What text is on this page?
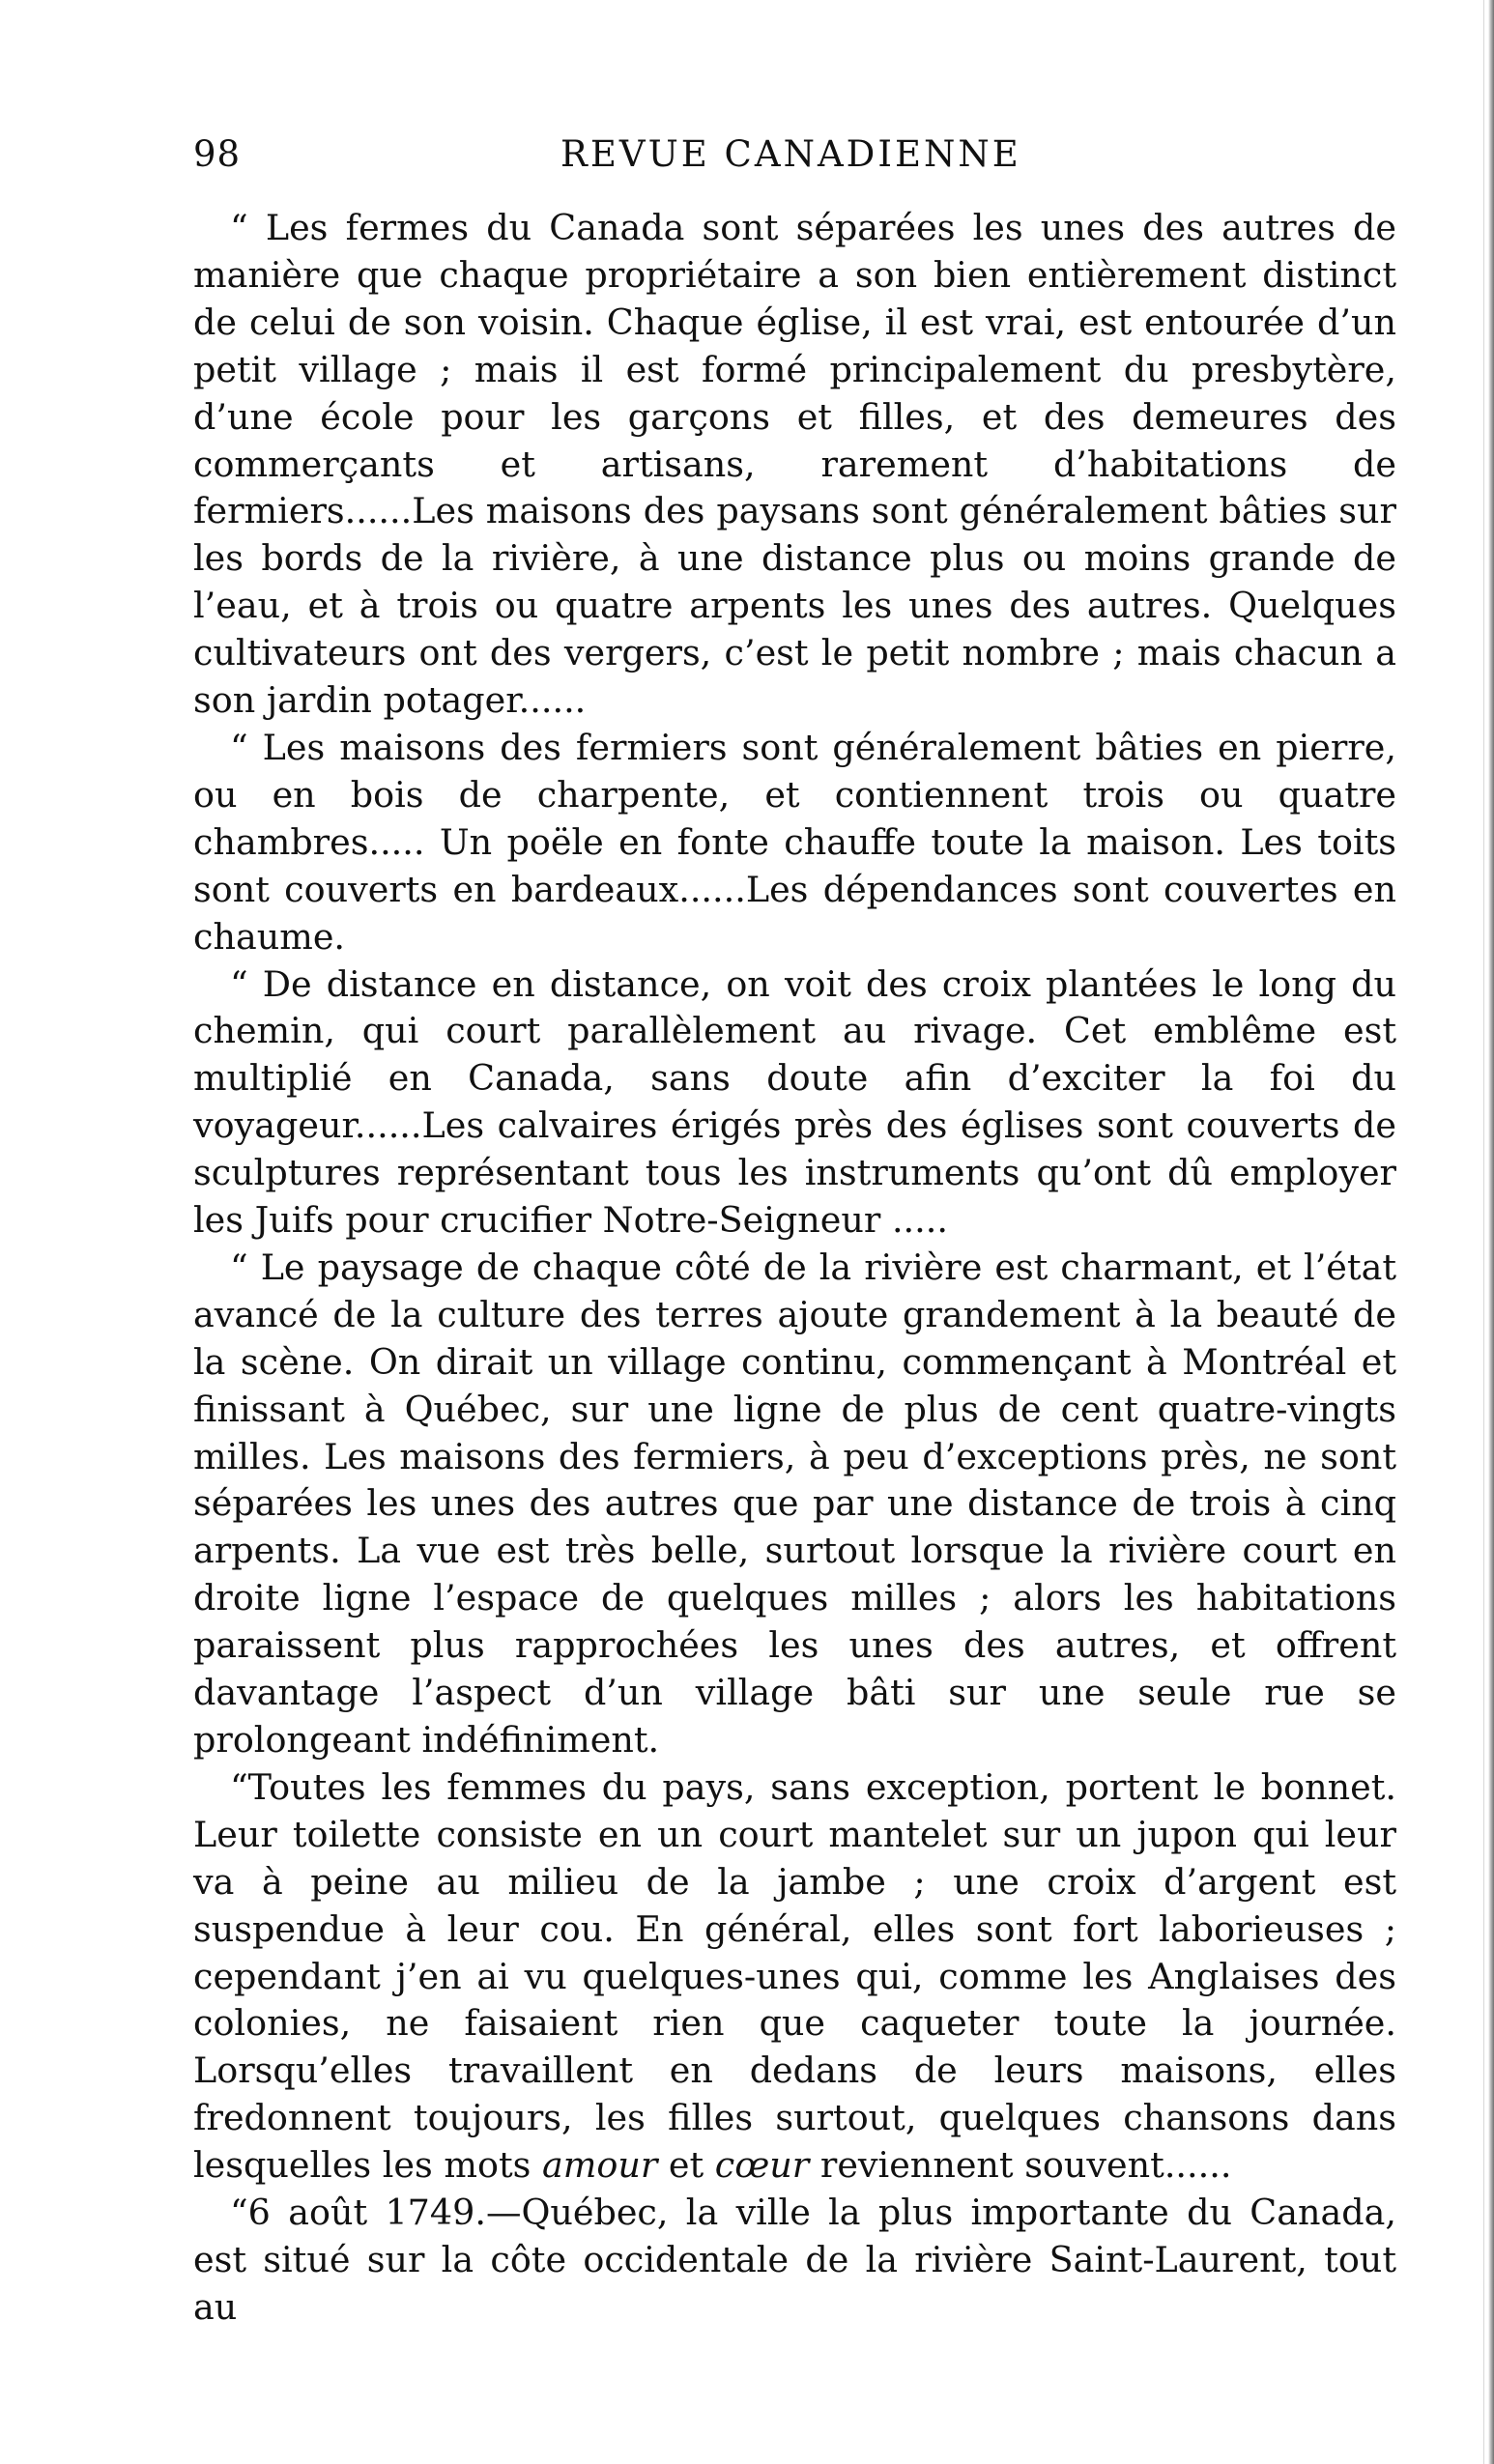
98	REVUE CANADIENNE

“ Les fermes du Canada sont séparées les unes des autres de manière que chaque propriétaire a son bien entièrement distinct de celui de son voisin. Chaque église, il est vrai, est entourée d’un petit village ; mais il est formé principalement du presbytère, d’une école pour les garçons et filles, et des demeures des commerçants et artisans, rarement d’habitations de fermiers......Les maisons des paysans sont généralement bâties sur les bords de la rivière, à une distance plus ou moins grande de l’eau, et à trois ou quatre arpents les unes des autres. Quelques cultivateurs ont des vergers, c’est le petit nombre ; mais chacun a son jardin potager......

“ Les maisons des fermiers sont généralement bâties en pierre, ou en bois de charpente, et contiennent trois ou quatre chambres..... Un poële en fonte chauffe toute la maison. Les toits sont couverts en bardeaux......Les dépendances sont couvertes en chaume.

“ De distance en distance, on voit des croix plantées le long du chemin, qui court parallèlement au rivage. Cet emblême est multiplié en Canada, sans doute afin d’exciter la foi du voyageur......Les calvaires érigés près des églises sont couverts de sculptures représentant tous les instruments qu’ont dû employer les Juifs pour crucifier Notre-Seigneur .....

“ Le paysage de chaque côté de la rivière est charmant, et l’état avancé de la culture des terres ajoute grandement à la beauté de la scène. On dirait un village continu, commençant à Montréal et finissant à Québec, sur une ligne de plus de cent quatre-vingts milles. Les maisons des fermiers, à peu d’exceptions près, ne sont séparées les unes des autres que par une distance de trois à cinq arpents. La vue est très belle, surtout lorsque la rivière court en droite ligne l’espace de quelques milles ; alors les habitations paraissent plus rapprochées les unes des autres, et offrent davantage l’aspect d’un village bâti sur une seule rue se prolongeant indéfiniment.

“Toutes les femmes du pays, sans exception, portent le bonnet. Leur toilette consiste en un court mantelet sur un jupon qui leur va à peine au milieu de la jambe ; une croix d’argent est suspendue à leur cou. En général, elles sont fort laborieuses ; cependant j’en ai vu quelques-unes qui, comme les Anglaises des colonies, ne faisaient rien que caqueter toute la journée. Lorsqu’elles travaillent en dedans de leurs maisons, elles fredonnent toujours, les filles surtout, quelques chansons dans lesquelles les mots amour et cœur reviennent souvent......

“6 août 1749.—Québec, la ville la plus importante du Canada, est situé sur la côte occidentale de la rivière Saint-Laurent, tout au
